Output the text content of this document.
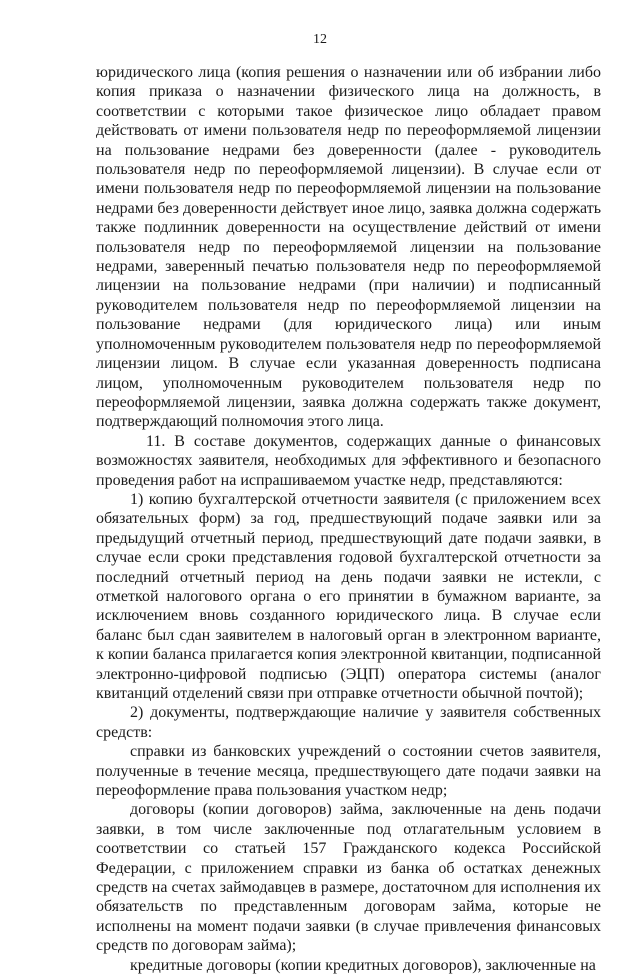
12

юридического лица (копия решения о назначении или об избрании либо копия приказа о назначении физического лица на должность, в соответствии с которыми такое физическое лицо обладает правом действовать от имени пользователя недр по переоформляемой лицензии на пользование недрами без доверенности (далее - руководитель пользователя недр по переоформляемой лицензии). В случае если от имени пользователя недр по переоформляемой лицензии на пользование недрами без доверенности действует иное лицо, заявка должна содержать также подлинник доверенности на осуществление действий от имени пользователя недр по переоформляемой лицензии на пользование недрами, заверенный печатью пользователя недр по переоформляемой лицензии на пользование недрами (при наличии) и подписанный руководителем пользователя недр по переоформляемой лицензии на пользование недрами (для юридического лица) или иным уполномоченным руководителем пользователя недр по переоформляемой лицензии лицом. В случае если указанная доверенность подписана лицом, уполномоченным руководителем пользователя недр по переоформляемой лицензии, заявка должна содержать также документ, подтверждающий полномочия этого лица.

11. В составе документов, содержащих данные о финансовых возможностях заявителя, необходимых для эффективного и безопасного проведения работ на испрашиваемом участке недр, представляются:

1) копию бухгалтерской отчетности заявителя (с приложением всех обязательных форм) за год, предшествующий подаче заявки или за предыдущий отчетный период, предшествующий дате подачи заявки, в случае если сроки представления годовой бухгалтерской отчетности за последний отчетный период на день подачи заявки не истекли, с отметкой налогового органа о его принятии в бумажном варианте, за исключением вновь созданного юридического лица. В случае если баланс был сдан заявителем в налоговый орган в электронном варианте, к копии баланса прилагается копия электронной квитанции, подписанной электронно-цифровой подписью (ЭЦП) оператора системы (аналог квитанций отделений связи при отправке отчетности обычной почтой);

2) документы, подтверждающие наличие у заявителя собственных средств:

справки из банковских учреждений о состоянии счетов заявителя, полученные в течение месяца, предшествующего дате подачи заявки на переоформление права пользования участком недр;

договоры (копии договоров) займа, заключенные на день подачи заявки, в том числе заключенные под отлагательным условием в соответствии со статьей 157 Гражданского кодекса Российской Федерации, с приложением справки из банка об остатках денежных средств на счетах займодавцев в размере, достаточном для исполнения их обязательств по представленным договорам займа, которые не исполнены на момент подачи заявки (в случае привлечения финансовых средств по договорам займа);

кредитные договоры (копии кредитных договоров), заключенные на
